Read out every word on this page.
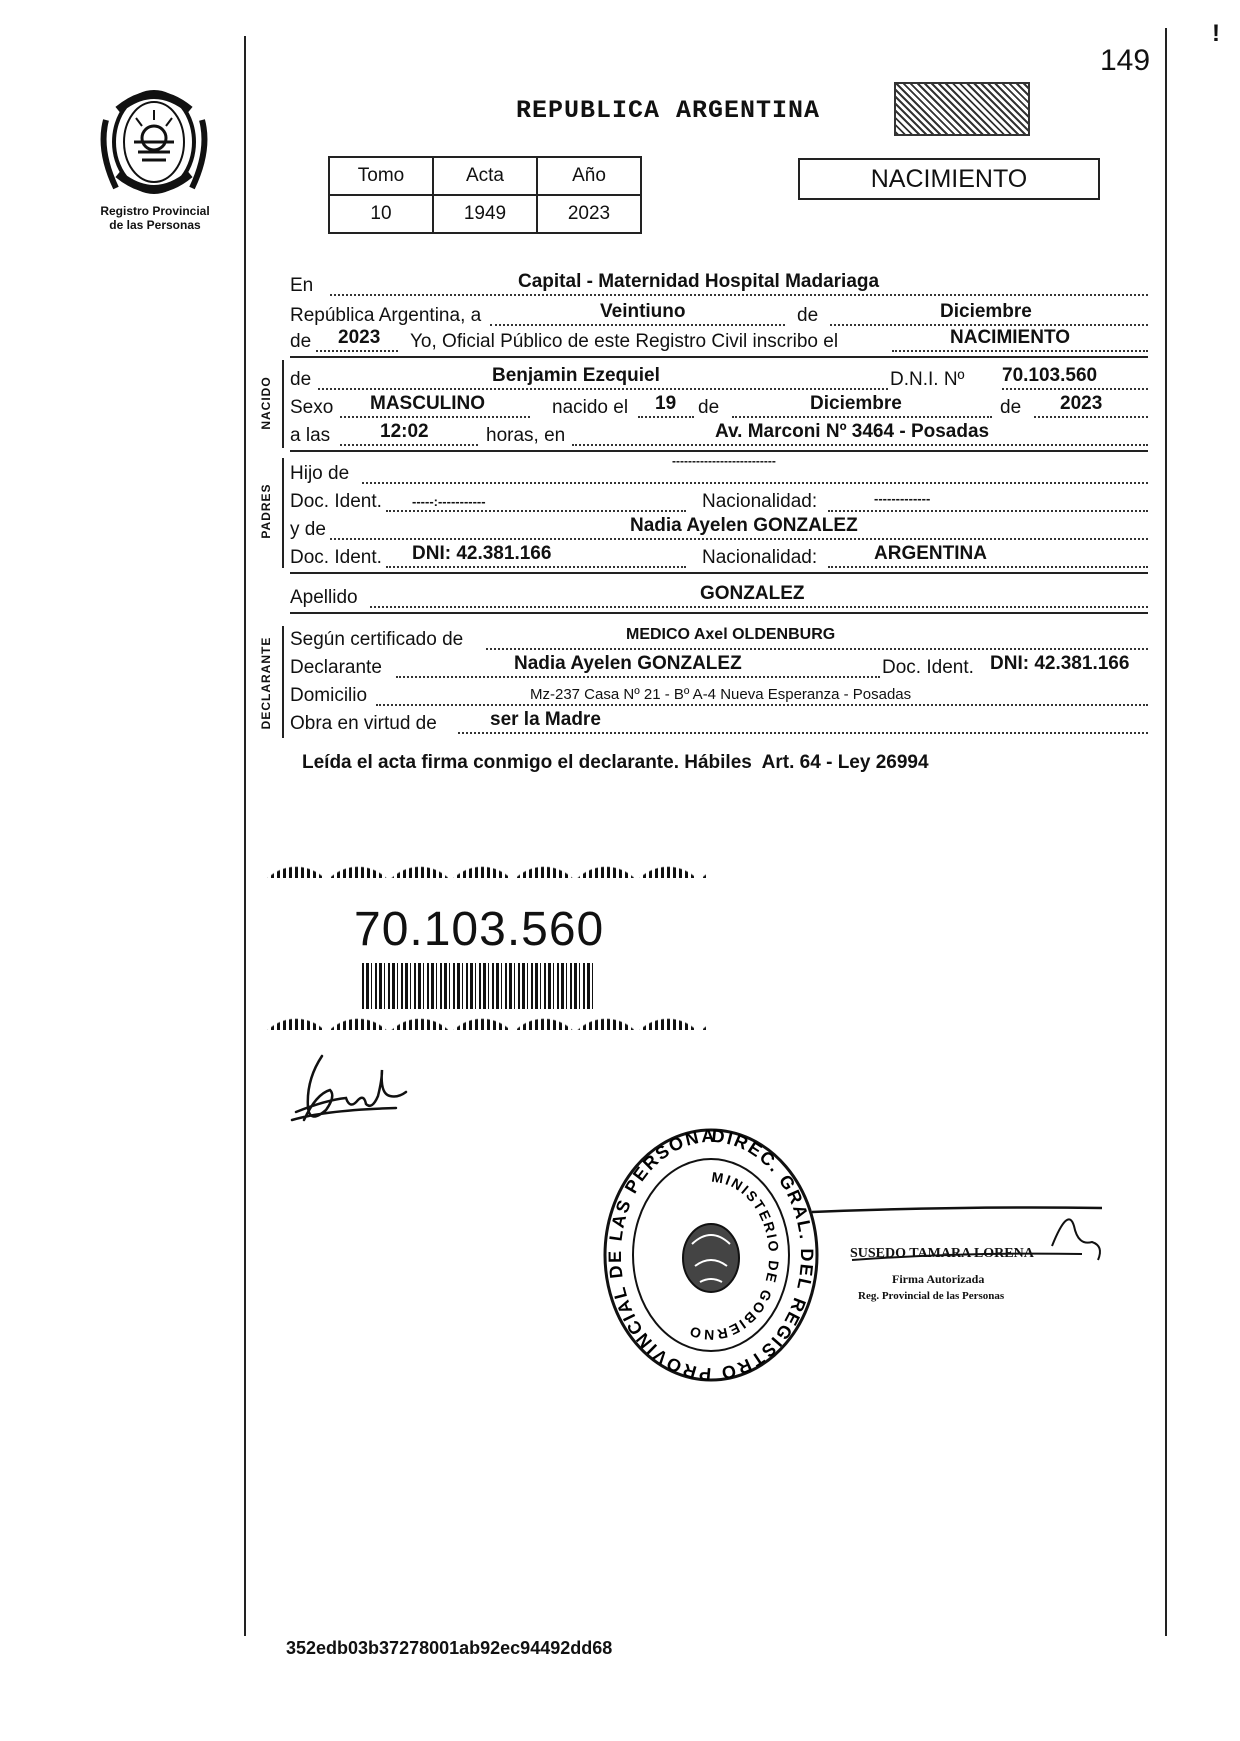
149
!
Registro Provincial
de las Personas
REPUBLICA ARGENTINA
Tomo	Acta	Año
10	1949	2023
NACIMIENTO
En	Capital - Maternidad Hospital Madariaga
República Argentina, a	Veintiuno	de	Diciembre
de 2023 Yo, Oficial Público de este Registro Civil inscribo el	NACIMIENTO
NACIDO de	Benjamin Ezequiel	D.N.I. Nº 70.103.560
Sexo MASCULINO	nacido el 19 de	Diciembre	de 2023
a las	12:02	horas, en	Av. Marconi Nº 3464 - Posadas
PADRES
Hijo de
--------------------------
Doc. Ident. -----:-----------	Nacionalidad:	-------------
y de	Nadia Ayelen GONZALEZ
Doc. Ident. DNI: 42.381.166	Nacionalidad:	ARGENTINA
Apellido	GONZALEZ
DECLARANTE Según certificado de	MEDICO Axel OLDENBURG
Declarante	Nadia Ayelen GONZALEZ	Doc. Ident. DNI: 42.381.166
Domicilio	Mz-237 Casa Nº 21 - Bº A-4 Nueva Esperanza - Posadas
Obra en virtud de	ser la Madre
Leída el acta firma conmigo el declarante. Hábiles  Art. 64 - Ley 26994
70.103.560
DIREC. GRAL. DEL REGISTRO PROVINCIAL DE LAS PERSONA
MINISTERIO DE GOBIERNO
SUSEDO TAMARA LORENA
Firma Autorizada
Reg. Provincial de las Personas
352edb03b37278001ab92ec94492dd68
